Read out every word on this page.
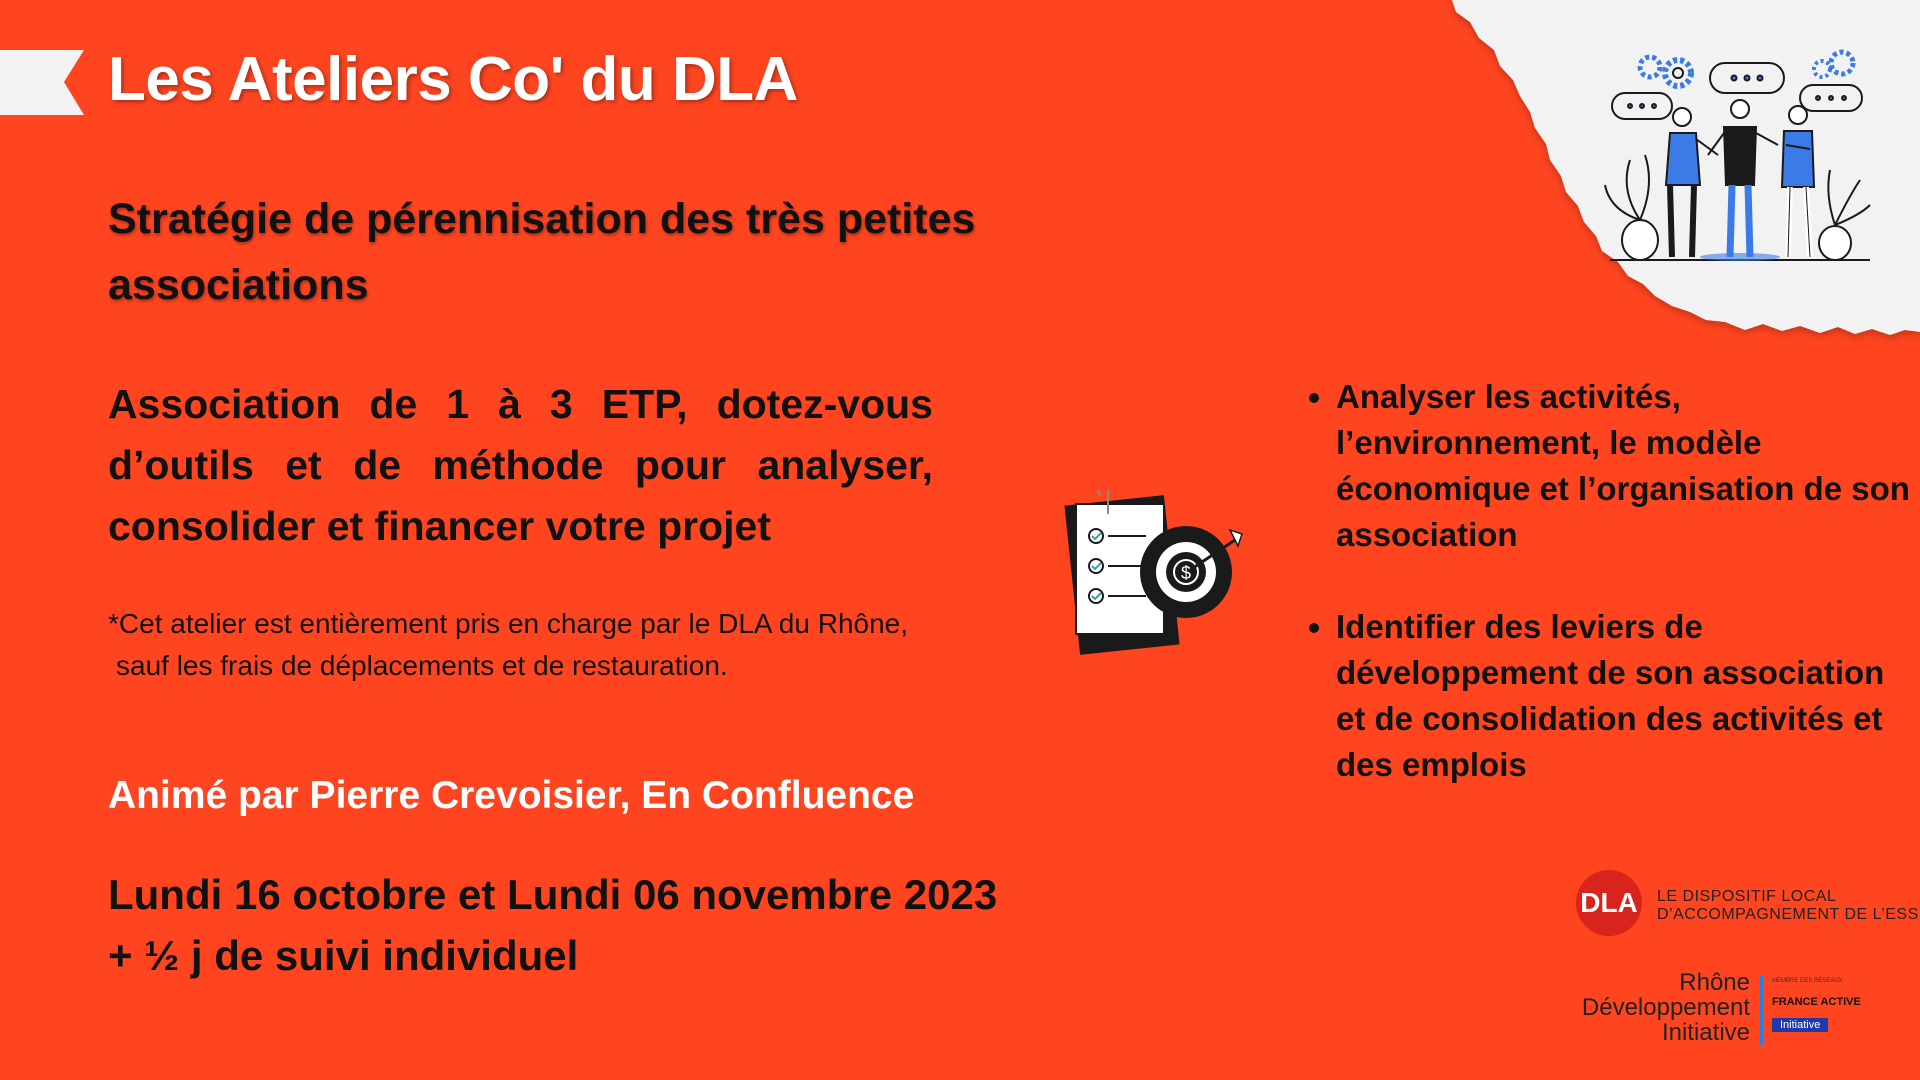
Les Ateliers Co' du DLA

Stratégie de pérennisation des très petites associations

Association de 1 à 3 ETP, dotez-vous d’outils et de méthode pour analyser, consolider et financer votre projet

*Cet atelier est entièrement pris en charge par le DLA du Rhône,
sauf les frais de déplacements et de restauration.

Animé par Pierre Crevoisier, En Confluence

Lundi 16 octobre et Lundi 06 novembre 2023
+ ½ j de suivi individuel

$
• Analyser les activités, l’environnement, le modèle économique et l’organisation de son association
• Identifier des leviers de développement de son association et de consolidation des activités et des emplois
DLA LE DISPOSITIF LOCAL
D’ACCOMPAGNEMENT DE L’ESS
Rhône
Développement
Initiative
MEMBRE DES RÉSEAUX
FRANCE ACTIVE
Initiative
